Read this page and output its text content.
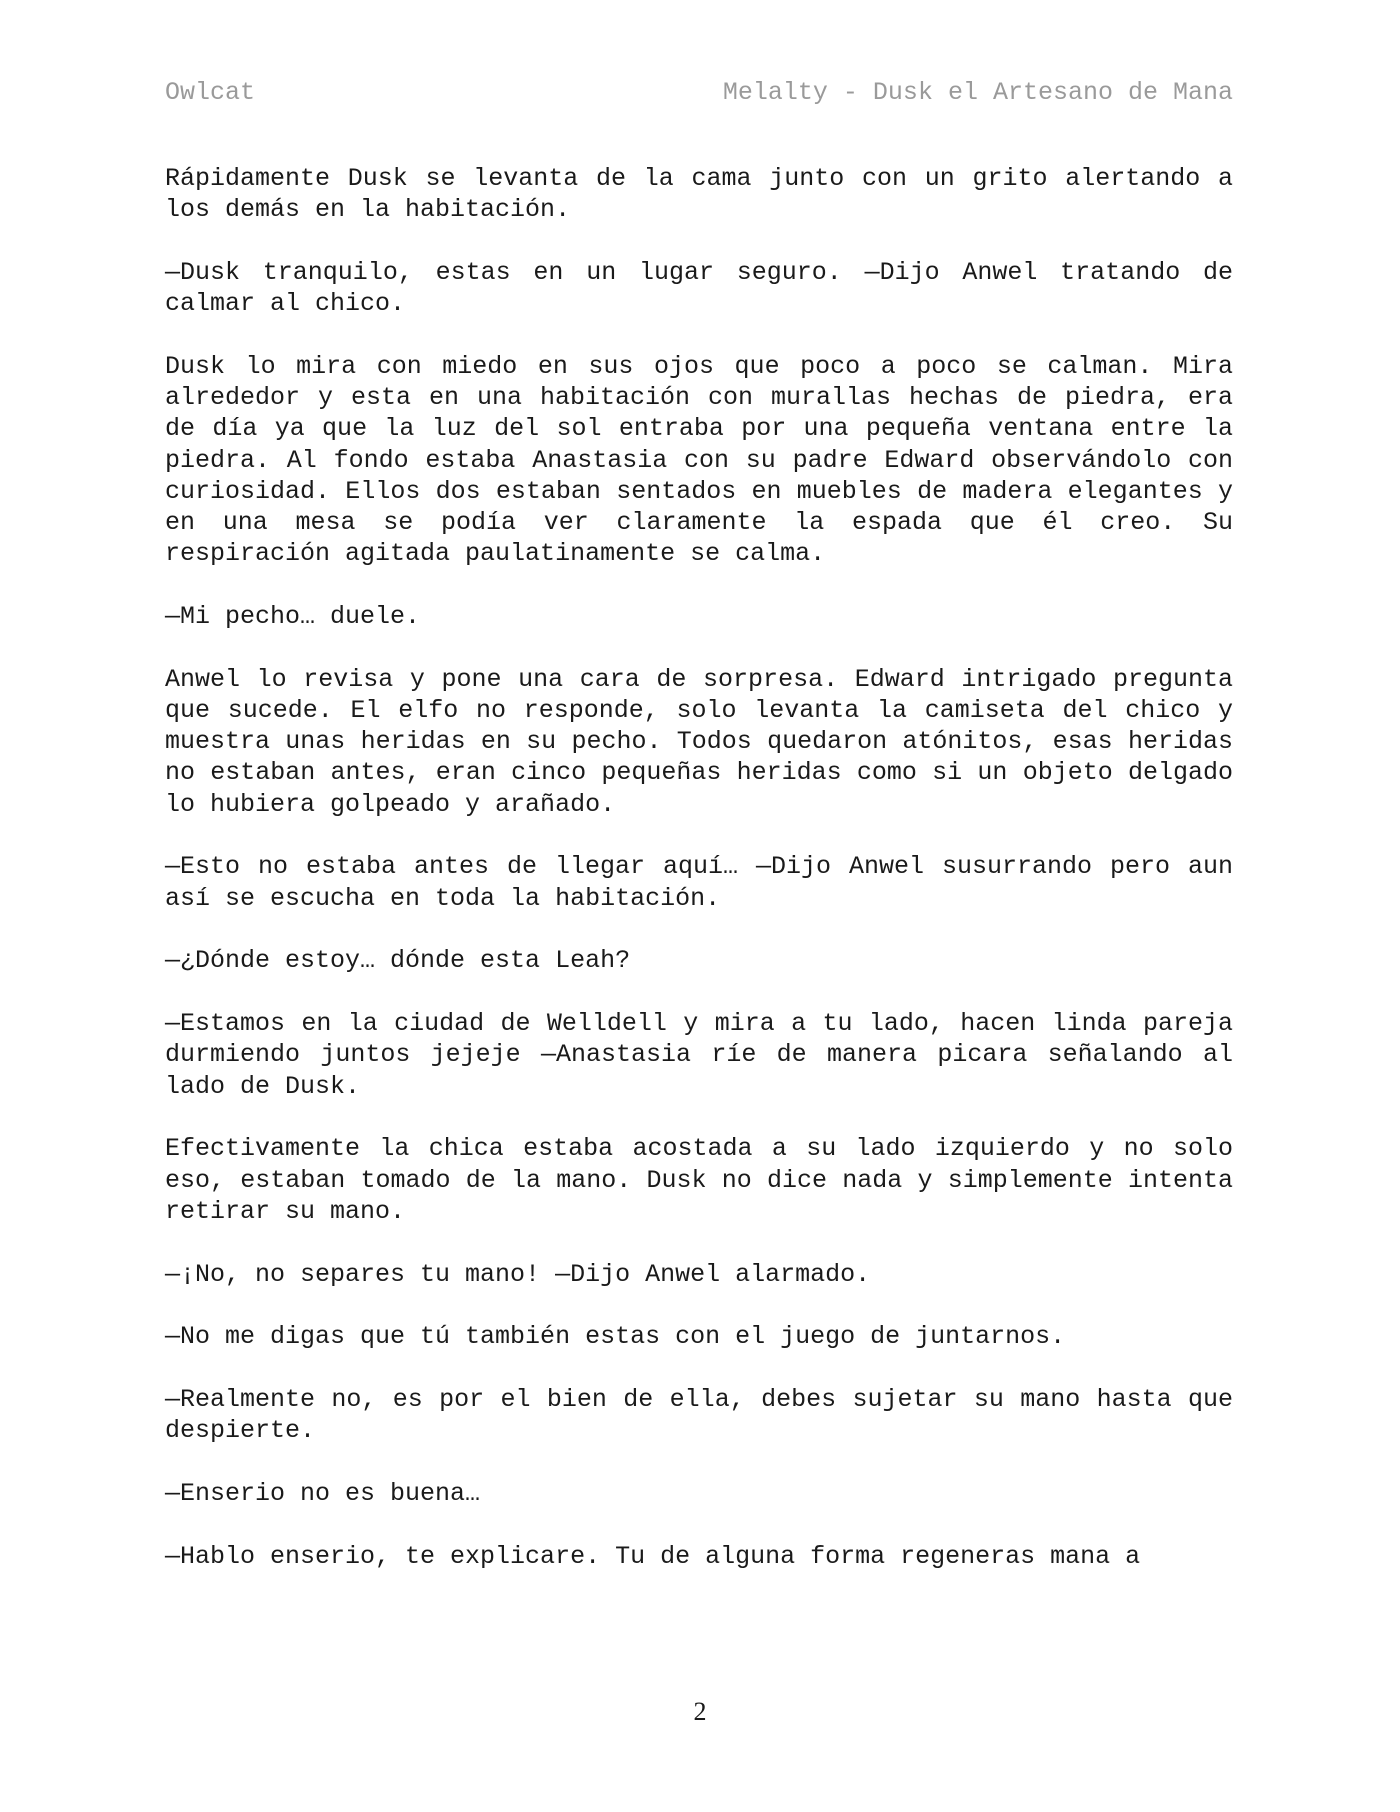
Owlcat	Melalty - Dusk el Artesano de Mana

Rápidamente Dusk se levanta de la cama junto con un grito alertando a los demás en la habitación.

—Dusk tranquilo, estas en un lugar seguro. —Dijo Anwel tratando de calmar al chico.

Dusk lo mira con miedo en sus ojos que poco a poco se calman. Mira alrededor y esta en una habitación con murallas hechas de piedra, era de día ya que la luz del sol entraba por una pequeña ventana entre la piedra. Al fondo estaba Anastasia con su padre Edward observándolo con curiosidad. Ellos dos estaban sentados en muebles de madera elegantes y en una mesa se podía ver claramente la espada que él creo. Su respiración agitada paulatinamente se calma.

—Mi pecho… duele.

Anwel lo revisa y pone una cara de sorpresa. Edward intrigado pregunta que sucede. El elfo no responde, solo levanta la camiseta del chico y muestra unas heridas en su pecho. Todos quedaron atónitos, esas heridas no estaban antes, eran cinco pequeñas heridas como si un objeto delgado lo hubiera golpeado y arañado.

—Esto no estaba antes de llegar aquí… —Dijo Anwel susurrando pero aun así se escucha en toda la habitación.

—¿Dónde estoy… dónde esta Leah?

—Estamos en la ciudad de Welldell y mira a tu lado, hacen linda pareja durmiendo juntos jejeje —Anastasia ríe de manera picara señalando al lado de Dusk.

Efectivamente la chica estaba acostada a su lado izquierdo y no solo eso, estaban tomado de la mano. Dusk no dice nada y simplemente intenta retirar su mano.

—¡No, no separes tu mano! —Dijo Anwel alarmado.

—No me digas que tú también estas con el juego de juntarnos.

—Realmente no, es por el bien de ella, debes sujetar su mano hasta que despierte.

—Enserio no es buena…

—Hablo enserio, te explicare. Tu de alguna forma regeneras mana a

2
